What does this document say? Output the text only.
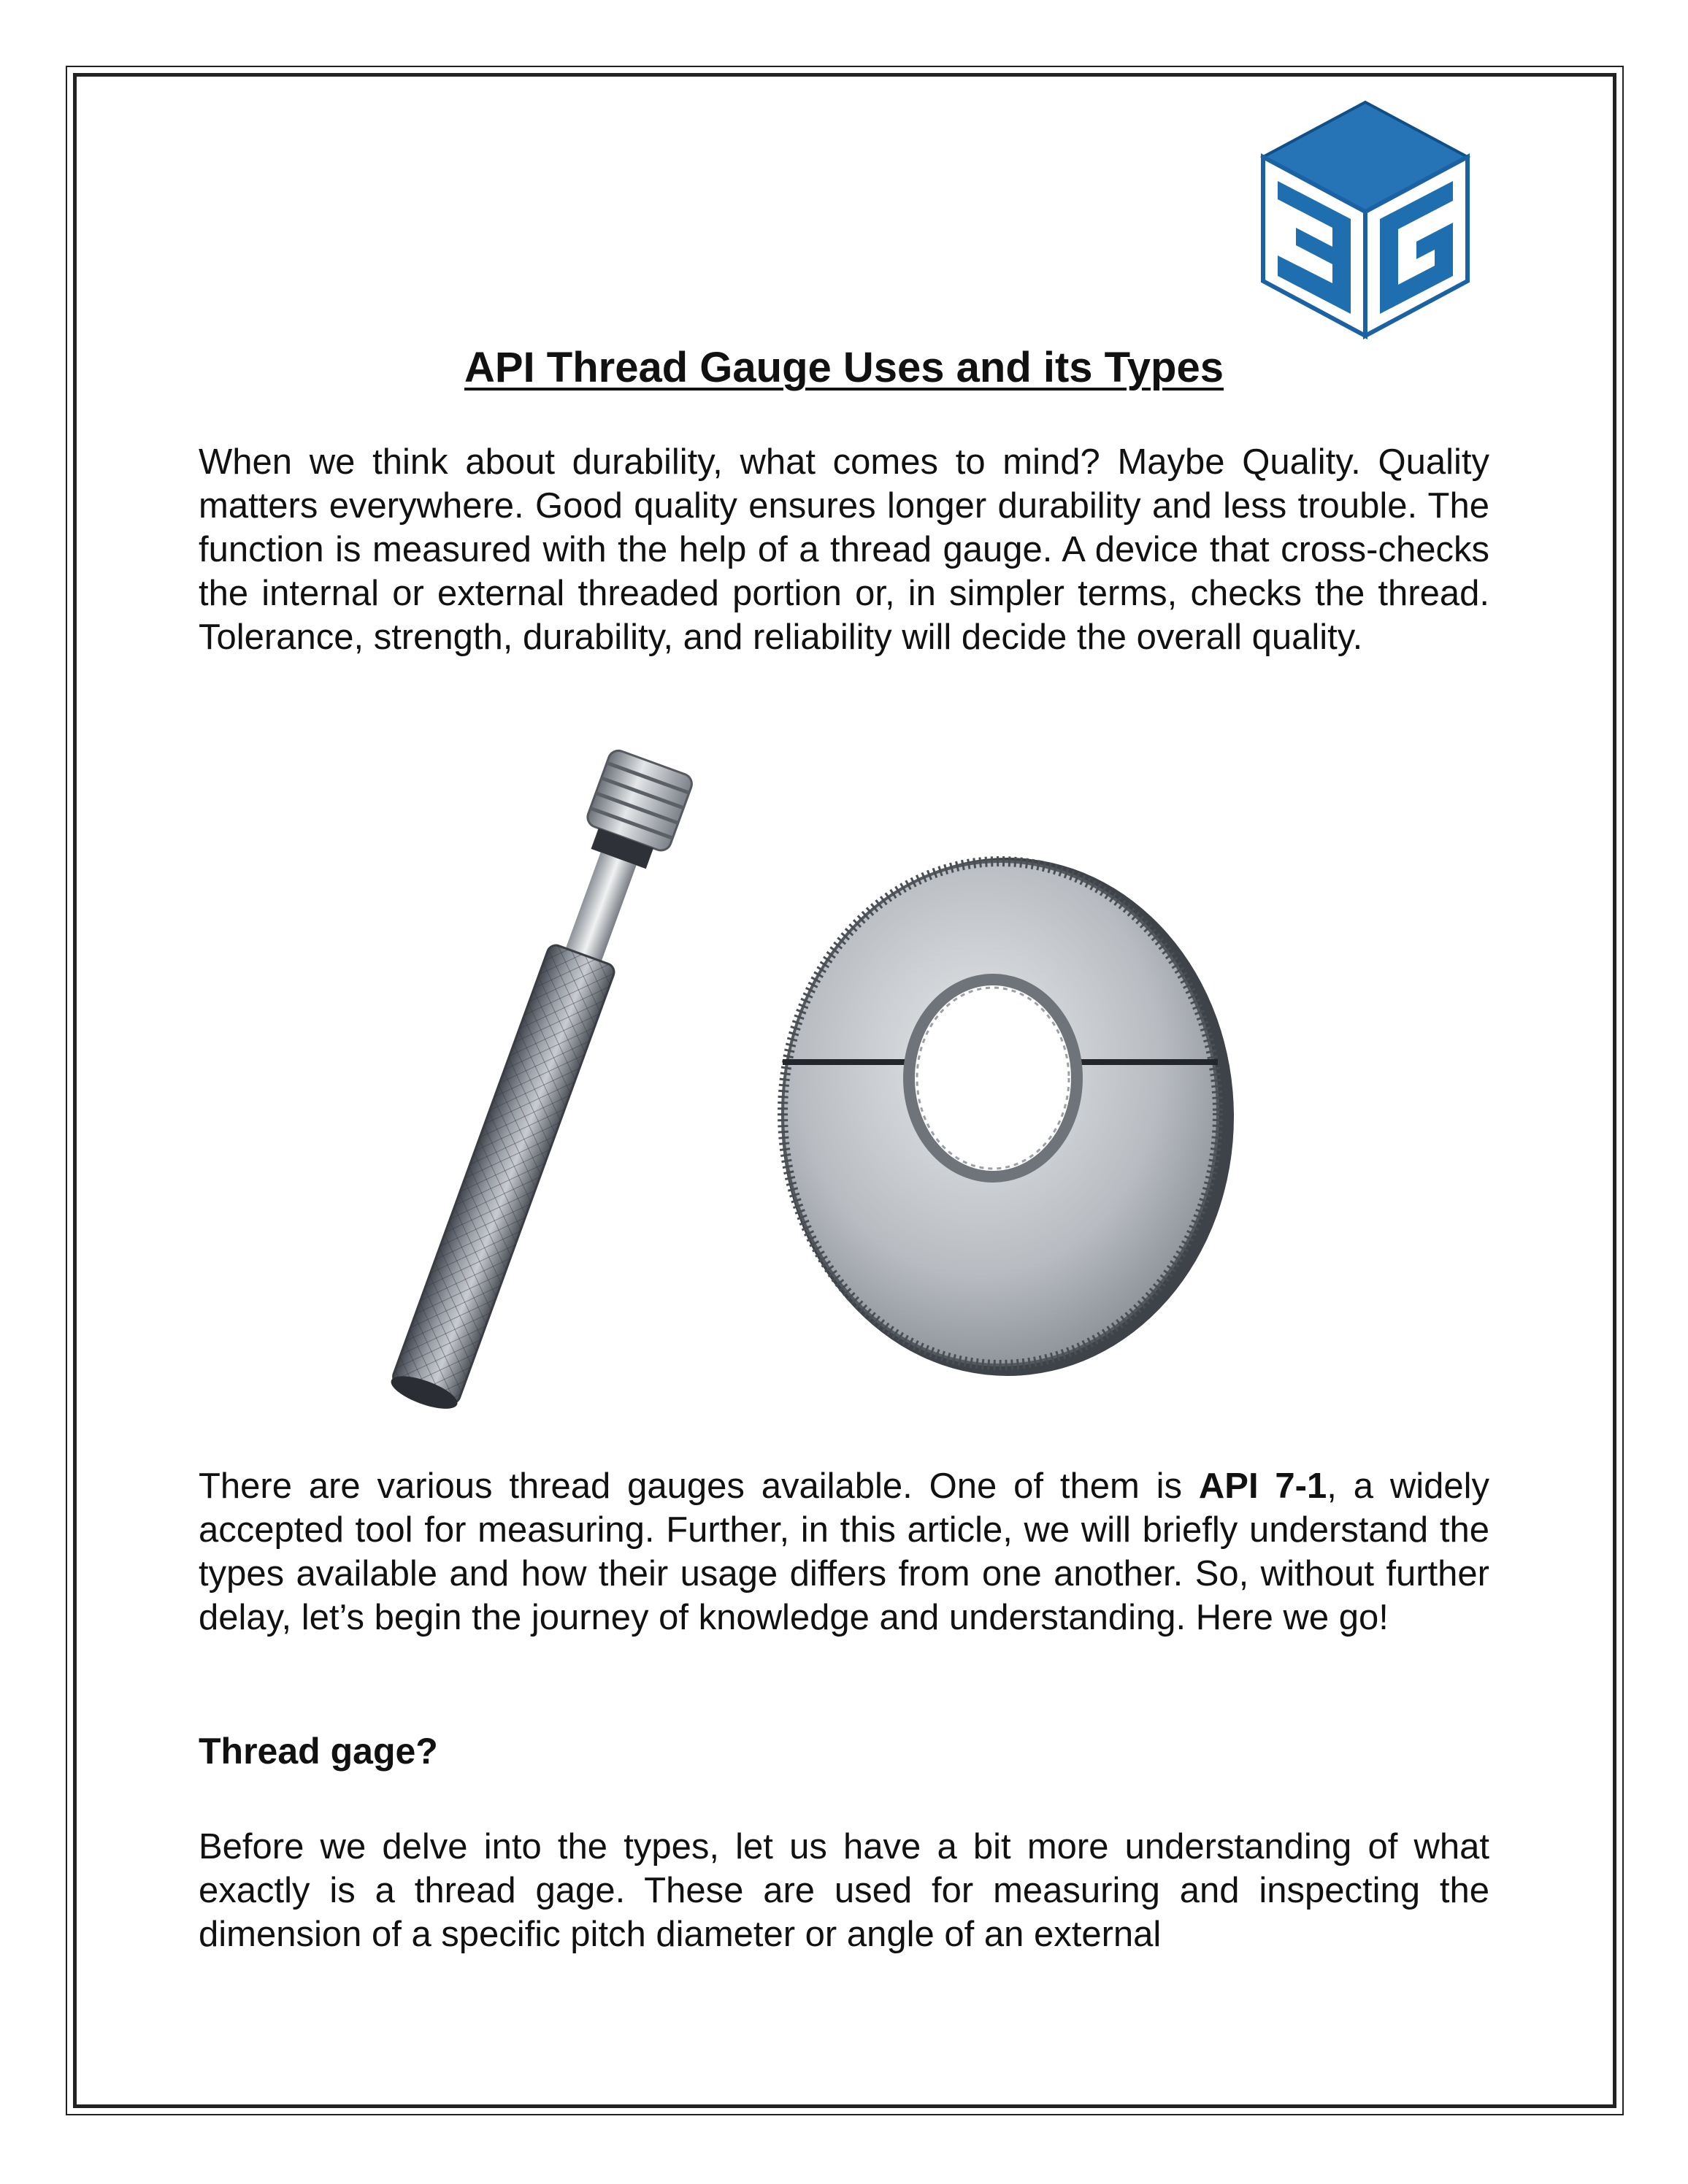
API Thread Gauge Uses and its Types

When we think about durability, what comes to mind? Maybe Quality. Quality matters everywhere. Good quality ensures longer durability and less trouble. The function is measured with the help of a thread gauge. A device that cross-checks the internal or external threaded portion or, in simpler terms, checks the thread. Tolerance, strength, durability, and reliability will decide the overall quality.

There are various thread gauges available. One of them is API 7-1, a widely accepted tool for measuring. Further, in this article, we will briefly understand the types available and how their usage differs from one another. So, without further delay, let’s begin the journey of knowledge and understanding. Here we go!

Thread gage?

Before we delve into the types, let us have a bit more understanding of what exactly is a thread gage. These are used for measuring and inspecting the dimension of a specific pitch diameter or angle of an external
